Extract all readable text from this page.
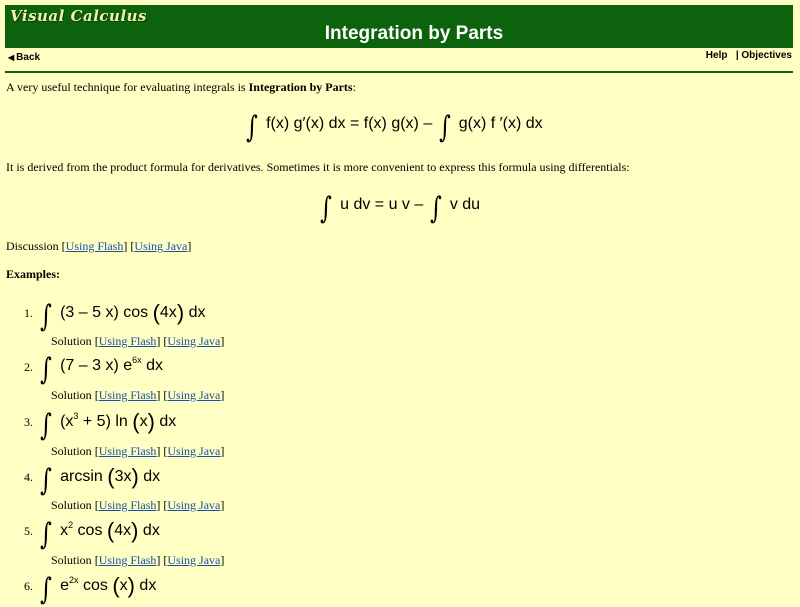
Visual Calculus
Integration by Parts
◀ Back	Help | Objectives
A very useful technique for evaluating integrals is Integration by Parts:
∫ f(x) g′(x) dx = f(x) g(x) – ∫ g(x) f ′(x) dx
It is derived from the product formula for derivatives. Sometimes it is more convenient to express this formula using differentials:
∫ u dv = u v – ∫ v du
Discussion [Using Flash] [Using Java]
Examples:
1. ∫ (3 – 5 x) cos (4x) dx
Solution [Using Flash] [Using Java]
2. ∫ (7 – 3 x) $e^{6x}$ dx
Solution [Using Flash] [Using Java]
3. ∫ $(x^3 + 5)$ ln (x) dx
Solution [Using Flash] [Using Java]
4. ∫ arcsin (3x) dx
Solution [Using Flash] [Using Java]
5. ∫ $x^2$ cos (4x) dx
Solution [Using Flash] [Using Java]
6. ∫ $e^{2x}$ cos (x) dx
